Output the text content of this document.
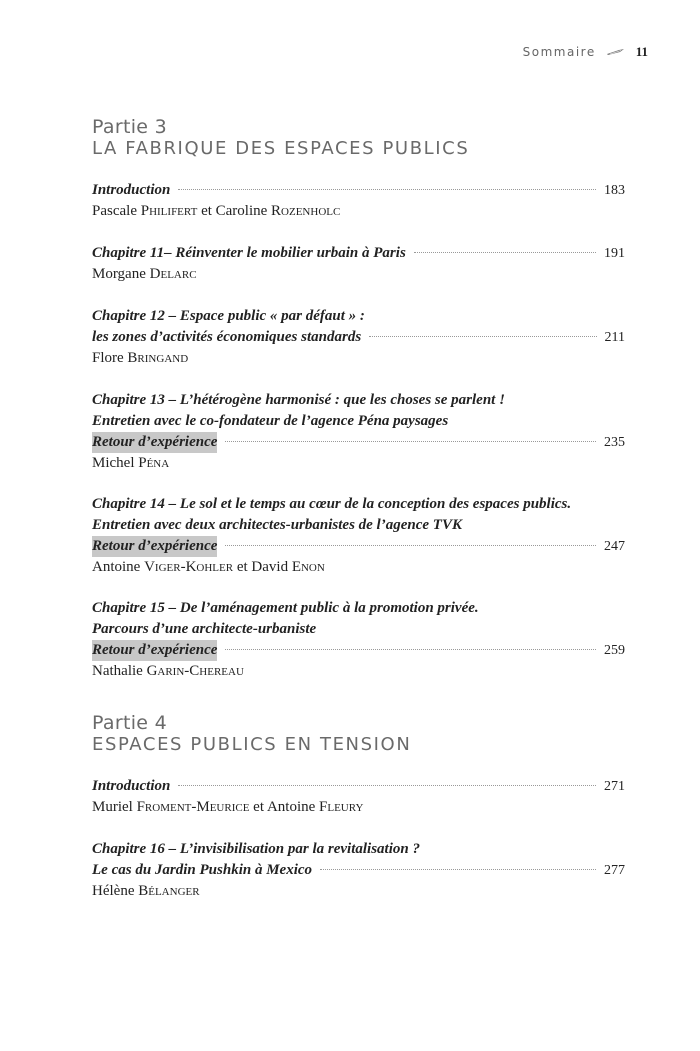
Sommaire	11
Partie 3
LA FABRIQUE DES ESPACES PUBLICS
Introduction	183
Pascale Philifert et Caroline Rozenholc
Chapitre 11– Réinventer le mobilier urbain à Paris	191
Morgane Delarc
Chapitre 12 – Espace public « par défaut » :
les zones d’activités économiques standards	211
Flore Bringand
Chapitre 13 – L’hétérogène harmonisé : que les choses se parlent !
Entretien avec le co-fondateur de l’agence Péna paysages
Retour d’expérience	235
Michel Péna
Chapitre 14 – Le sol et le temps au cœur de la conception des espaces publics.
Entretien avec deux architectes-urbanistes de l’agence TVK
Retour d’expérience	247
Antoine Viger-Kohler et David Enon
Chapitre 15 – De l’aménagement public à la promotion privée.
Parcours d’une architecte-urbaniste
Retour d’expérience	259
Nathalie Garin-Chereau
Partie 4
ESPACES PUBLICS EN TENSION
Introduction	271
Muriel Froment-Meurice et Antoine Fleury
Chapitre 16 – L’invisibilisation par la revitalisation ?
Le cas du Jardin Pushkin à Mexico	277
Hélène Bélanger
